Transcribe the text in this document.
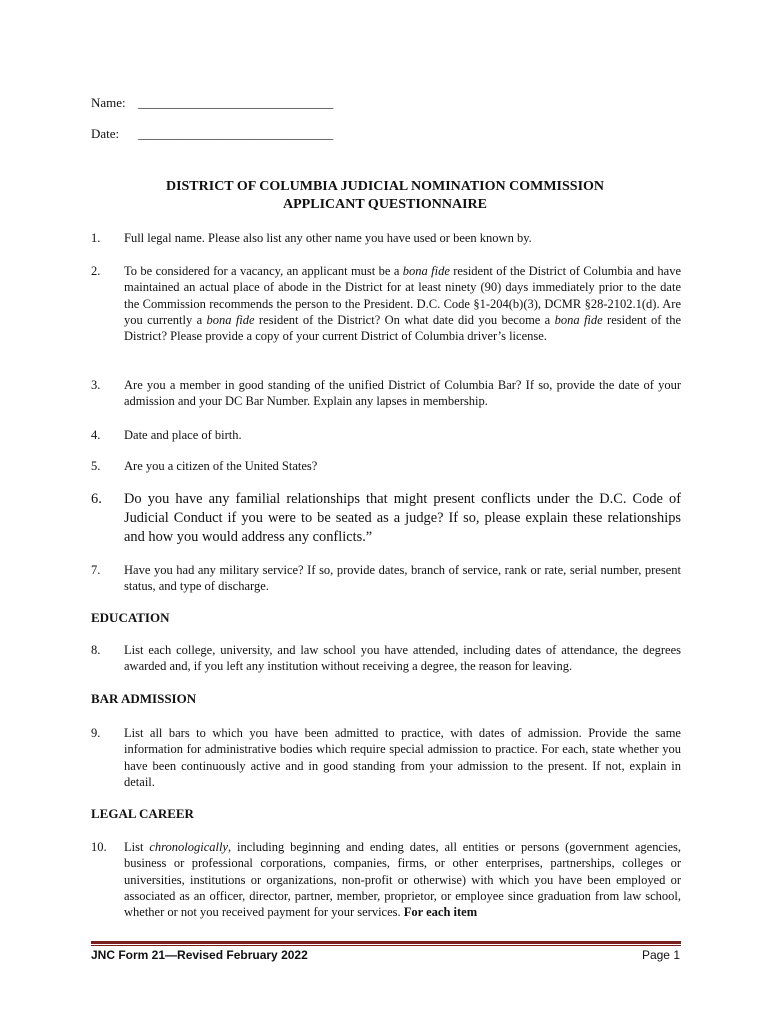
Name: ______________________________
Date: ______________________________
DISTRICT OF COLUMBIA JUDICIAL NOMINATION COMMISSION
APPLICANT QUESTIONNAIRE
1. Full legal name. Please also list any other name you have used or been known by.
2. To be considered for a vacancy, an applicant must be a bona fide resident of the District of Columbia and have maintained an actual place of abode in the District for at least ninety (90) days immediately prior to the date the Commission recommends the person to the President. D.C. Code §1-204(b)(3), DCMR §28-2102.1(d). Are you currently a bona fide resident of the District? On what date did you become a bona fide resident of the District? Please provide a copy of your current District of Columbia driver’s license.
3. Are you a member in good standing of the unified District of Columbia Bar? If so, provide the date of your admission and your DC Bar Number. Explain any lapses in membership.
4. Date and place of birth.
5. Are you a citizen of the United States?
6. Do you have any familial relationships that might present conflicts under the D.C. Code of Judicial Conduct if you were to be seated as a judge? If so, please explain these relationships and how you would address any conflicts.”
7. Have you had any military service? If so, provide dates, branch of service, rank or rate, serial number, present status, and type of discharge.
EDUCATION
8. List each college, university, and law school you have attended, including dates of attendance, the degrees awarded and, if you left any institution without receiving a degree, the reason for leaving.
BAR ADMISSION
9. List all bars to which you have been admitted to practice, with dates of admission. Provide the same information for administrative bodies which require special admission to practice. For each, state whether you have been continuously active and in good standing from your admission to the present. If not, explain in detail.
LEGAL CAREER
10. List chronologically, including beginning and ending dates, all entities or persons (government agencies, business or professional corporations, companies, firms, or other enterprises, partnerships, colleges or universities, institutions or organizations, non-profit or otherwise) with which you have been employed or associated as an officer, director, partner, member, proprietor, or employee since graduation from law school, whether or not you received payment for your services. For each item
JNC Form 21—Revised February 2022	Page 1
